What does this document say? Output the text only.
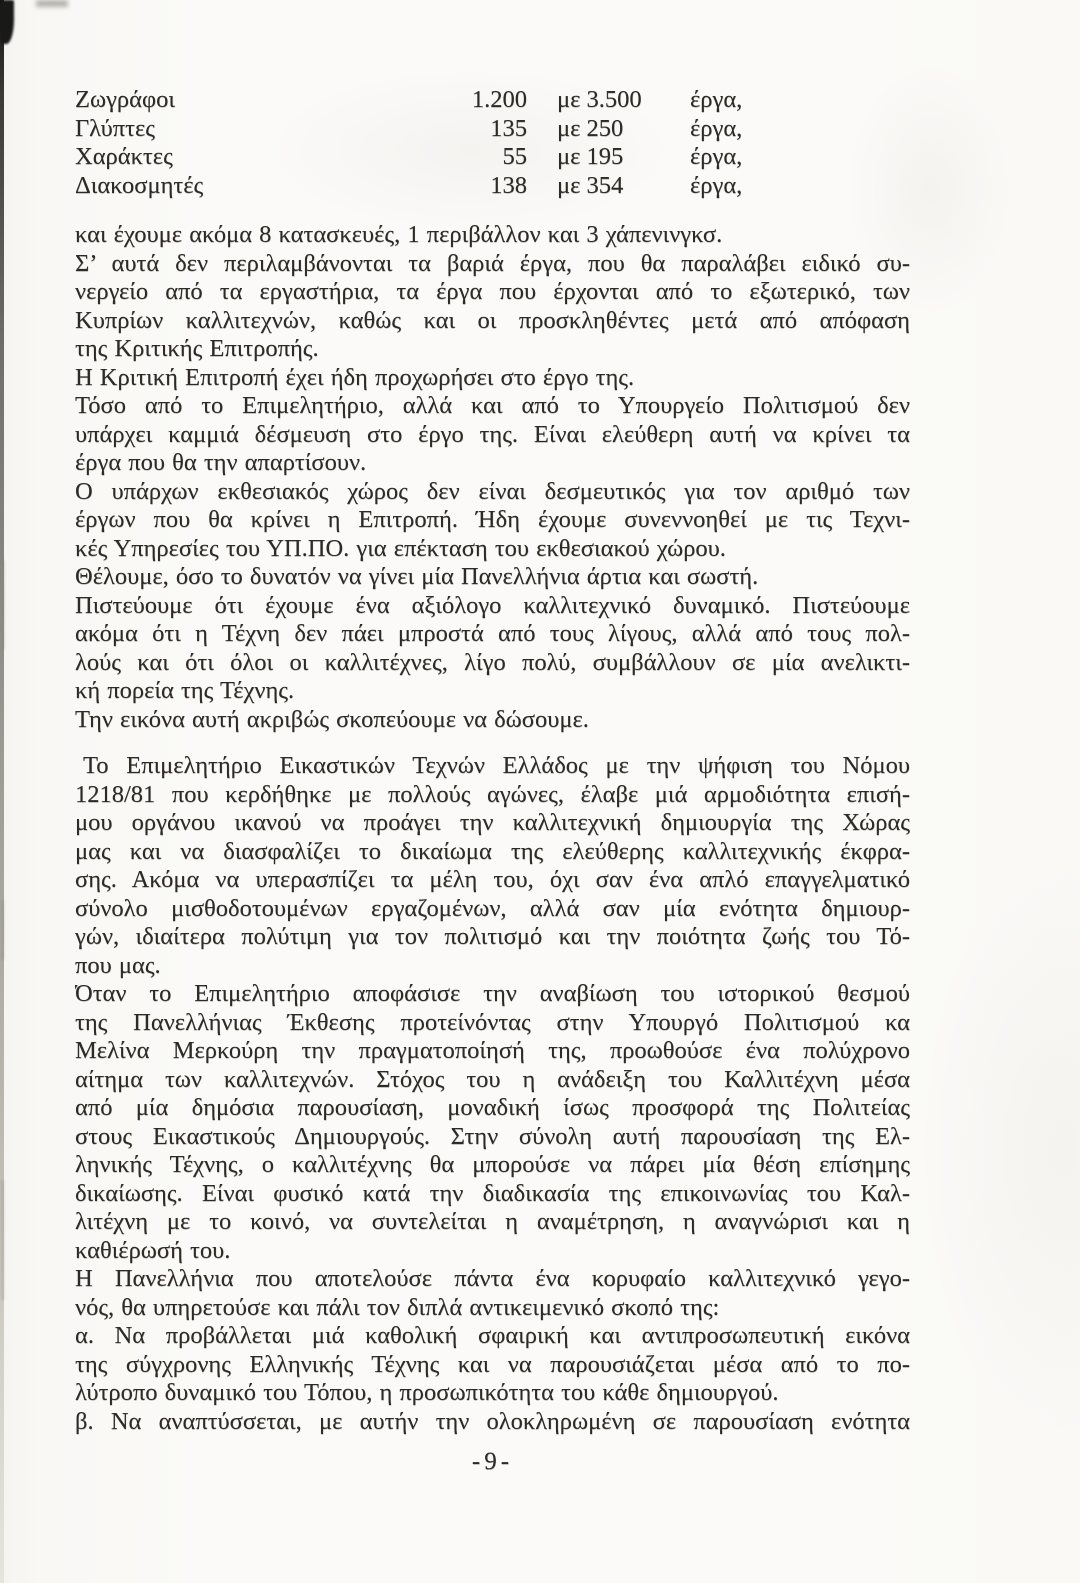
Ζωγράφοι	1.200	με 3.500	έργα,
Γλύπτες	135	με 250	έργα,
Χαράκτες	55	με 195	έργα,
Διακοσμητές	138	με 354	έργα,
και έχουμε ακόμα 8 κατασκευές, 1 περιβάλλον και 3 χάπενινγκσ.
Σ’ αυτά δεν περιλαμβάνονται τα βαριά έργα, που θα παραλάβει ειδικό συ-
νεργείο από τα εργαστήρια, τα έργα που έρχονται από το εξωτερικό, των
Κυπρίων καλλιτεχνών, καθώς και οι προσκληθέντες μετά από απόφαση
της Κριτικής Επιτροπής.
Η Κριτική Επιτροπή έχει ήδη προχωρήσει στο έργο της.
Τόσο από το Επιμελητήριο, αλλά και από το Υπουργείο Πολιτισμού δεν
υπάρχει καμμιά δέσμευση στο έργο της. Είναι ελεύθερη αυτή να κρίνει τα
έργα που θα την απαρτίσουν.
Ο υπάρχων εκθεσιακός χώρος δεν είναι δεσμευτικός για τον αριθμό των
έργων που θα κρίνει η Επιτροπή. Ήδη έχουμε συνεννοηθεί με τις Τεχνι-
κές Υπηρεσίες του ΥΠ.ΠΟ. για επέκταση του εκθεσιακού χώρου.
Θέλουμε, όσο το δυνατόν να γίνει μία Πανελλήνια άρτια και σωστή.
Πιστεύουμε ότι έχουμε ένα αξιόλογο καλλιτεχνικό δυναμικό. Πιστεύουμε
ακόμα ότι η Τέχνη δεν πάει μπροστά από τους λίγους, αλλά από τους πολ-
λούς και ότι όλοι οι καλλιτέχνες, λίγο πολύ, συμβάλλουν σε μία ανελικτι-
κή πορεία της Τέχνης.
Την εικόνα αυτή ακριβώς σκοπεύουμε να δώσουμε.
Το Επιμελητήριο Εικαστικών Τεχνών Ελλάδος με την ψήφιση του Νόμου
1218/81 που κερδήθηκε με πολλούς αγώνες, έλαβε μιά αρμοδιότητα επισή-
μου οργάνου ικανού να προάγει την καλλιτεχνική δημιουργία της Χώρας
μας και να διασφαλίζει το δικαίωμα της ελεύθερης καλλιτεχνικής έκφρα-
σης. Ακόμα να υπερασπίζει τα μέλη του, όχι σαν ένα απλό επαγγελματικό
σύνολο μισθοδοτουμένων εργαζομένων, αλλά σαν μία ενότητα δημιουρ-
γών, ιδιαίτερα πολύτιμη για τον πολιτισμό και την ποιότητα ζωής του Τό-
που μας.
Όταν το Επιμελητήριο αποφάσισε την αναβίωση του ιστορικού θεσμού
της Πανελλήνιας Έκθεσης προτείνόντας στην Υπουργό Πολιτισμού κα
Μελίνα Μερκούρη την πραγματοποίησή της, προωθούσε ένα πολύχρονο
αίτημα των καλλιτεχνών. Στόχος του η ανάδειξη του Καλλιτέχνη μέσα
από μία δημόσια παρουσίαση, μοναδική ίσως προσφορά της Πολιτείας
στους Εικαστικούς Δημιουργούς. Στην σύνολη αυτή παρουσίαση της Ελ-
ληνικής Τέχνης, ο καλλιτέχνης θα μπορούσε να πάρει μία θέση επίσημης
δικαίωσης. Είναι φυσικό κατά την διαδικασία της επικοινωνίας του Καλ-
λιτέχνη με το κοινό, να συντελείται η αναμέτρηση, η αναγνώρισι και η
καθιέρωσή του.
Η Πανελλήνια που αποτελούσε πάντα ένα κορυφαίο καλλιτεχνικό γεγο-
νός, θα υπηρετούσε και πάλι τον διπλά αντικειμενικό σκοπό της:
α. Να προβάλλεται μιά καθολική σφαιρική και αντιπροσωπευτική εικόνα
της σύγχρονης Ελληνικής Τέχνης και να παρουσιάζεται μέσα από το πο-
λύτροπο δυναμικό του Τόπου, η προσωπικότητα του κάθε δημιουργού.
β. Να αναπτύσσεται, με αυτήν την ολοκληρωμένη σε παρουσίαση ενότητα
-9-
